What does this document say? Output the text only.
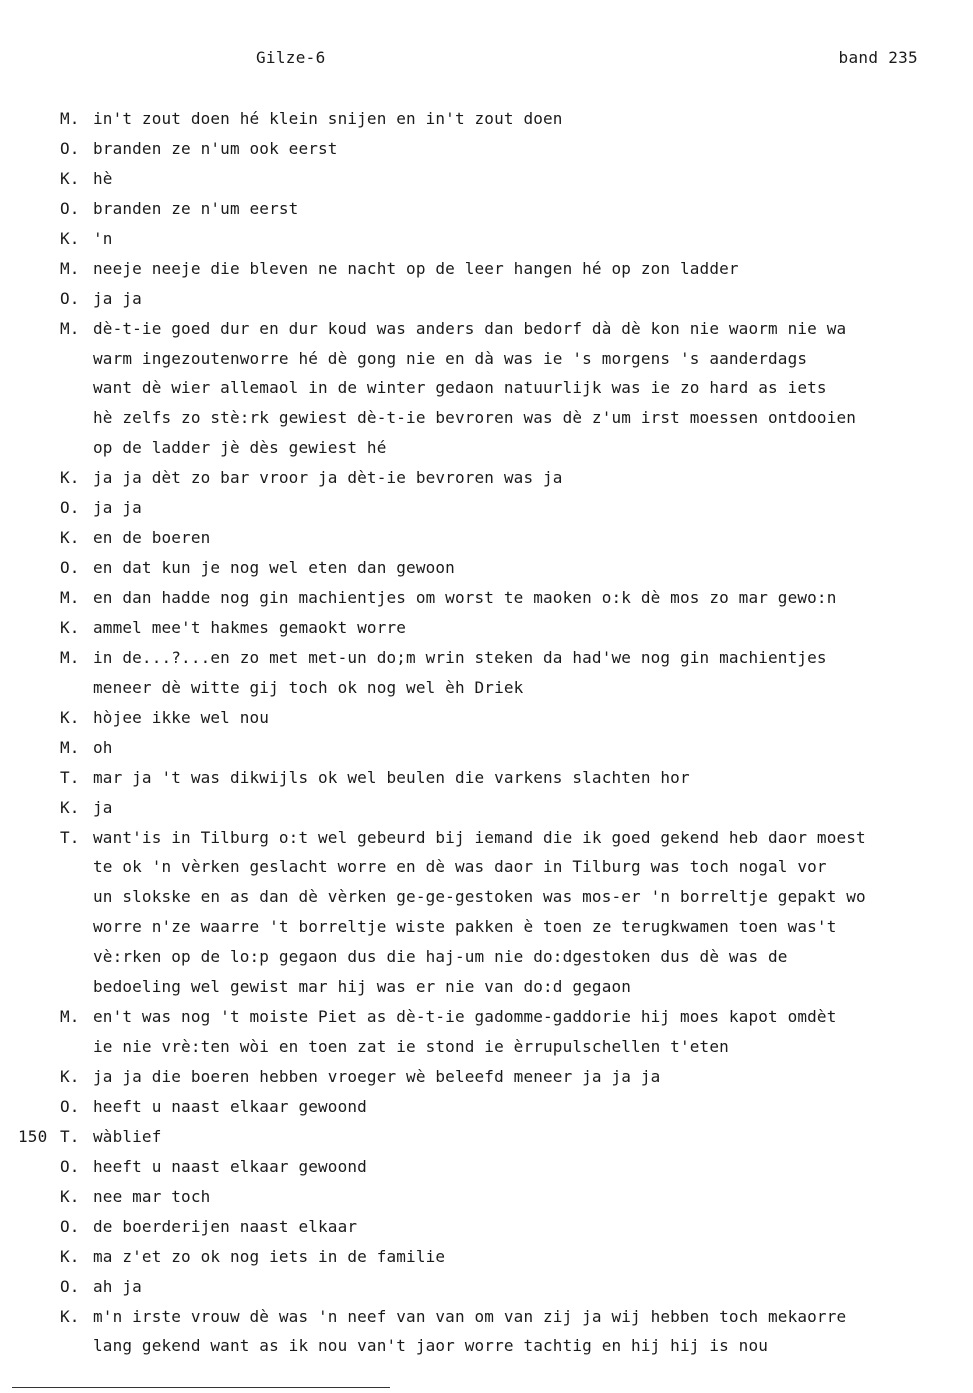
Gilze-6	band 235
M. in't zout doen hé klein snijen en in't zout doen
O. branden ze n'um ook eerst
K. hè
O. branden ze n'um eerst
K. 'n
M. neeje neeje die bleven ne nacht op de leer hangen hé op zon ladder
O. ja ja
M. dè-t-ie goed dur en dur koud was anders dan bedorf dà dè kon nie waorm nie wa
warm ingezoutenworre hé dè gong nie en dà was ie 's morgens 's aanderdags
want dè wier allemaol in de winter gedaon natuurlijk was ie zo hard as iets
hè zelfs zo stè:rk gewiest dè-t-ie bevroren was dè z'um irst moessen ontdooien
op de ladder jè dès gewiest hé
K. ja ja dèt zo bar vroor ja dèt-ie bevroren was ja
O. ja ja
K. en de boeren
O. en dat kun je nog wel eten dan gewoon
M. en dan hadde nog gin machientjes om worst te maoken o:k dè mos zo mar gewo:n
K. ammel mee't hakmes gemaokt worre
M. in de...?...en zo met met-un do;m wrin steken da had'we nog gin machientjes
meneer dè witte gij toch ok nog wel èh Driek
K. hòjee ikke wel nou
M. oh
T. mar ja 't was dikwijls ok wel beulen die varkens slachten hor
K. ja
T. want'is in Tilburg o:t wel gebeurd bij iemand die ik goed gekend heb daor moest
te ok 'n vèrken geslacht worre en dè was daor in Tilburg was toch nogal vor
un slokske en as dan dè vèrken ge-ge-gestoken was mos-er 'n borreltje gepakt wo
worre n'ze waarre 't borreltje wiste pakken è toen ze terugkwamen toen was't
vè:rken op de lo:p gegaon dus die haj-um nie do:dgestoken dus dè was de
bedoeling wel gewist mar hij was er nie van do:d gegaon
M. en't was nog 't moiste Piet as dè-t-ie gadomme-gaddorie hij moes kapot omdèt
ie nie vrè:ten wòi en toen zat ie stond ie èrrupulschellen t'eten
K. ja ja die boeren hebben vroeger wè beleefd meneer ja ja ja
O. heeft u naast elkaar gewoond
150 T. wàblief
O. heeft u naast elkaar gewoond
K. nee mar toch
O. de boerderijen naast elkaar
K. ma z'et zo ok nog iets in de familie
O. ah ja
K. m'n irste vrouw dè was 'n neef van van om van zij ja wij hebben toch mekaorre
lang gekend want as ik nou van't jaor worre tachtig en hij hij is nou
